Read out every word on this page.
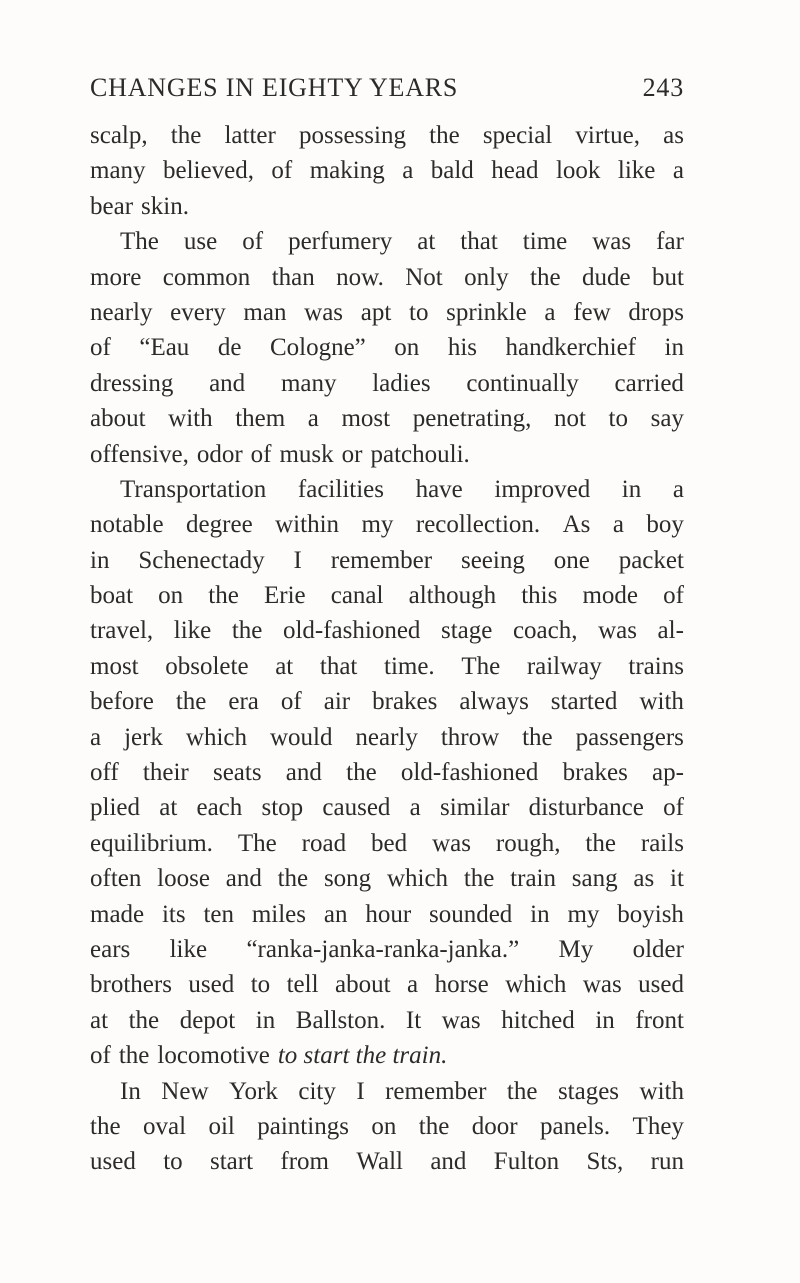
CHANGES IN EIGHTY YEARS	243
scalp, the latter possessing the special virtue, as
many believed, of making a bald head look like a
bear skin.
The use of perfumery at that time was far
more common than now. Not only the dude but
nearly every man was apt to sprinkle a few drops
of “Eau de Cologne” on his handkerchief in
dressing and many ladies continually carried
about with them a most penetrating, not to say
offensive, odor of musk or patchouli.
Transportation facilities have improved in a
notable degree within my recollection. As a boy
in Schenectady I remember seeing one packet
boat on the Erie canal although this mode of
travel, like the old-fashioned stage coach, was al-
most obsolete at that time. The railway trains
before the era of air brakes always started with
a jerk which would nearly throw the passengers
off their seats and the old-fashioned brakes ap-
plied at each stop caused a similar disturbance of
equilibrium. The road bed was rough, the rails
often loose and the song which the train sang as it
made its ten miles an hour sounded in my boyish
ears like “ranka-janka-ranka-janka.” My older
brothers used to tell about a horse which was used
at the depot in Ballston. It was hitched in front
of the locomotive to start the train.
In New York city I remember the stages with
the oval oil paintings on the door panels. They
used to start from Wall and Fulton Sts, run
